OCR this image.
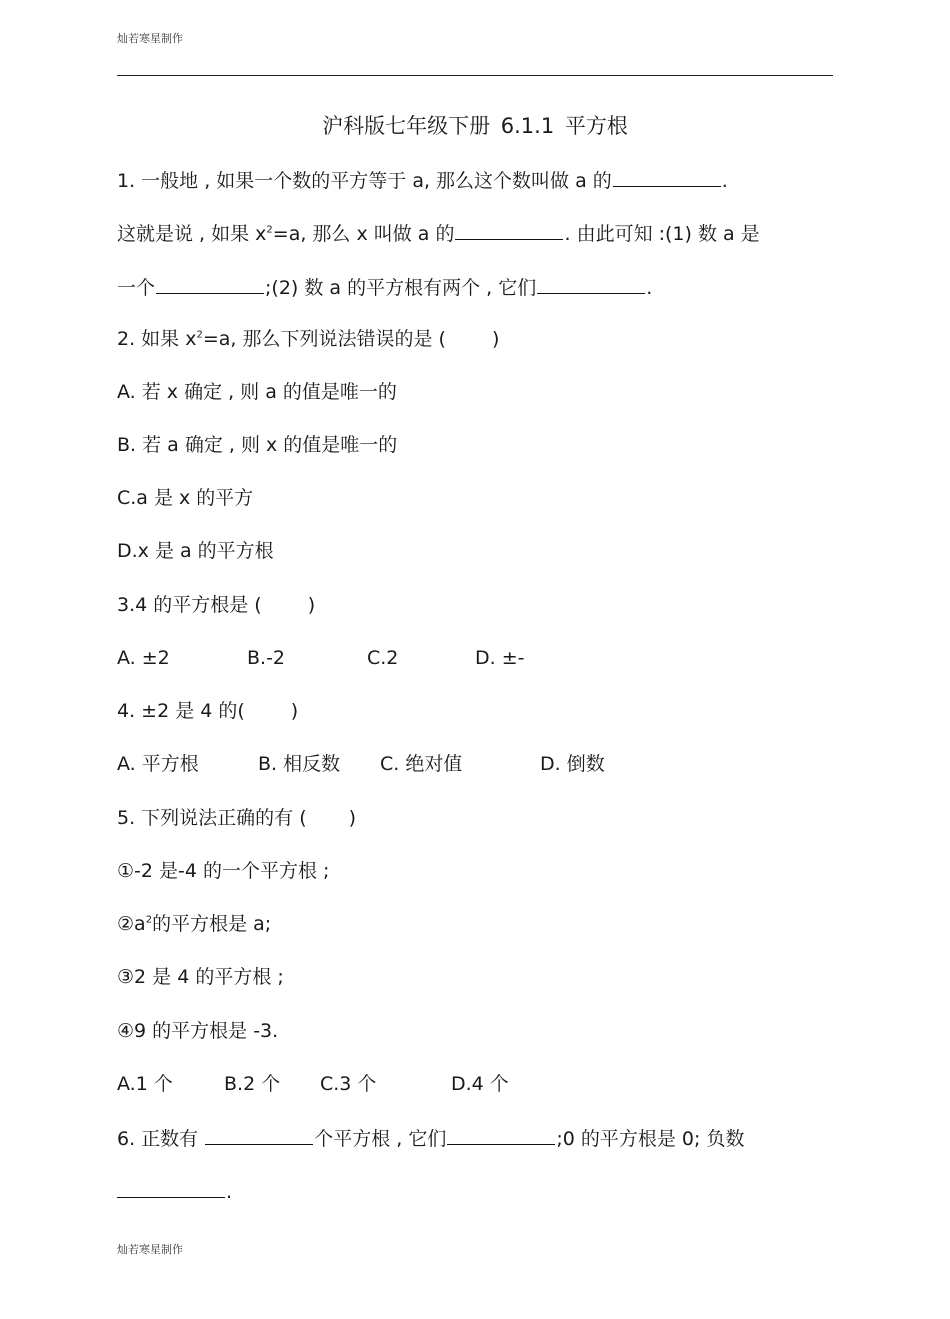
灿若寒星制作
沪科版七年级下册 6.1.1 平方根
1. 一般地 , 如果一个数的平方等于 a, 那么这个数叫做 a 的	.
这就是说 , 如果 $x^2=a$, 那么 x 叫做 a 的	. 由此可知 :(1) 数 a 是
一个	;(2) 数 a 的平方根有两个 , 它们	.
2. 如果 $x^2=a$, 那么下列说法错误的是 ( )
A. 若 x 确定 , 则 a 的值是唯一的
B. 若 a 确定 , 则 x 的值是唯一的
C.a 是 x 的平方
D.x 是 a 的平方根
3.4 的平方根是 ( )
A. ±2	B.-2	C.2	D. ±-
4. ±2 是 4 的( )
A. 平方根	B. 相反数 C. 绝对值	D. 倒数
5. 下列说法正确的有 ( )
①-2 是-4 的一个平方根 ;
$②a^2$的平方根是 a;
③2 是 4 的平方根 ;
④9 的平方根是 -3.
A.1 个	B.2 个 C.3 个	D.4 个
6. 正数有	个平方根 , 它们	;0 的平方根是 0; 负数
.
灿若寒星制作
